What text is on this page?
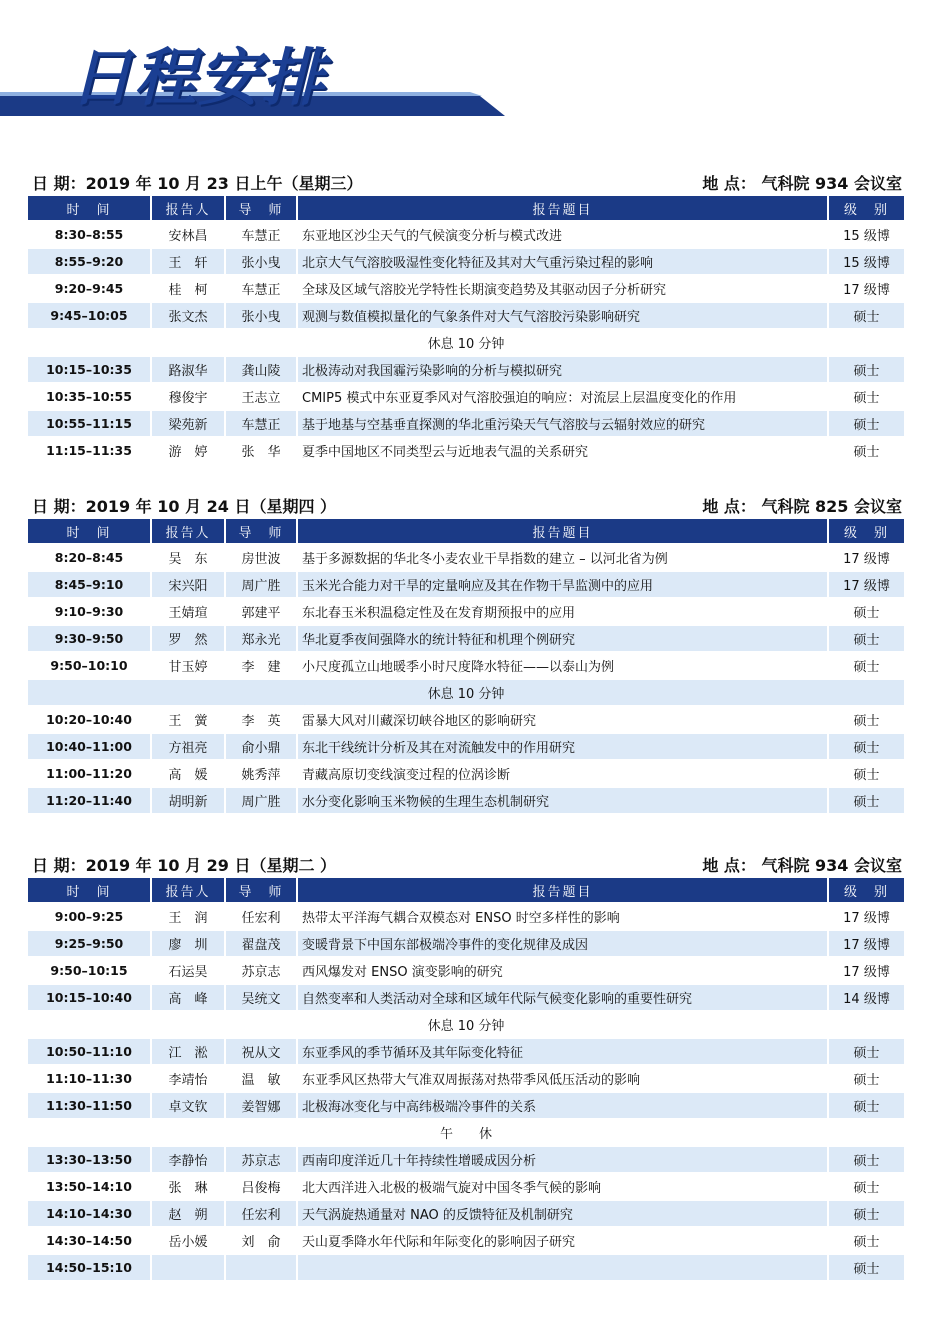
日程安排
日 期：2019 年 10 月 23 日上午（星期三）	地 点： 气科院 934 会议室
时　间	报告人	导　师	报告题目	级　别
8:30–8:55	安林昌	车慧正	东亚地区沙尘天气的气候演变分析与模式改进	15 级博
8:55–9:20	王　轩	张小曳	北京大气气溶胶吸湿性变化特征及其对大气重污染过程的影响	15 级博
9:20–9:45	桂　柯	车慧正	全球及区域气溶胶光学特性长期演变趋势及其驱动因子分析研究	17 级博
9:45–10:05	张文杰	张小曳	观测与数值模拟量化的气象条件对大气气溶胶污染影响研究	硕士
休息 10 分钟				
10:15–10:35	路淑华	龚山陵	北极涛动对我国霾污染影响的分析与模拟研究	硕士
10:35–10:55	穆俊宇	王志立	CMIP5 模式中东亚夏季风对气溶胶强迫的响应：对流层上层温度变化的作用	硕士
10:55–11:15	梁苑新	车慧正	基于地基与空基垂直探测的华北重污染天气气溶胶与云辐射效应的研究	硕士
11:15–11:35	游　婷	张　华	夏季中国地区不同类型云与近地表气温的关系研究	硕士
日 期：2019 年 10 月 24 日（星期四 ）	地 点： 气科院 825 会议室
时　间	报告人	导　师	报告题目	级　别
8:20–8:45	吴　东	房世波	基于多源数据的华北冬小麦农业干旱指数的建立 – 以河北省为例	17 级博
8:45–9:10	宋兴阳	周广胜	玉米光合能力对干旱的定量响应及其在作物干旱监测中的应用	17 级博
9:10–9:30	王婧瑄	郭建平	东北春玉米积温稳定性及在发育期预报中的应用	硕士
9:30–9:50	罗　然	郑永光	华北夏季夜间强降水的统计特征和机理个例研究	硕士
9:50–10:10	甘玉婷	李　建	小尺度孤立山地暖季小时尺度降水特征——以泰山为例	硕士
休息 10 分钟				
10:20–10:40	王　黉	李　英	雷暴大风对川藏深切峡谷地区的影响研究	硕士
10:40–11:00	方祖亮	俞小鼎	东北干线统计分析及其在对流触发中的作用研究	硕士
11:00–11:20	高　媛	姚秀萍	青藏高原切变线演变过程的位涡诊断	硕士
11:20–11:40	胡明新	周广胜	水分变化影响玉米物候的生理生态机制研究	硕士
日 期：2019 年 10 月 29 日（星期二 ）	地 点： 气科院 934 会议室
时　间	报告人	导　师	报告题目	级　别
9:00–9:25	王　润	任宏利	热带太平洋海气耦合双模态对 ENSO 时空多样性的影响	17 级博
9:25–9:50	廖　圳	翟盘茂	变暖背景下中国东部极端冷事件的变化规律及成因	17 级博
9:50–10:15	石运昊	苏京志	西风爆发对 ENSO 演变影响的研究	17 级博
10:15–10:40	高　峰	吴统文	自然变率和人类活动对全球和区域年代际气候变化影响的重要性研究	14 级博
休息 10 分钟				
10:50–11:10	江　淞	祝从文	东亚季风的季节循环及其年际变化特征	硕士
11:10–11:30	李靖怡	温　敏	东亚季风区热带大气准双周振荡对热带季风低压活动的影响	硕士
11:30–11:50	卓文钦	姜智娜	北极海冰变化与中高纬极端冷事件的关系	硕士
午　　休				
13:30–13:50	李静怡	苏京志	西南印度洋近几十年持续性增暖成因分析	硕士
13:50–14:10	张　琳	吕俊梅	北大西洋进入北极的极端气旋对中国冬季气候的影响	硕士
14:10–14:30	赵　朔	任宏利	天气涡旋热通量对 NAO 的反馈特征及机制研究	硕士
14:30–14:50	岳小媛	刘　俞	天山夏季降水年代际和年际变化的影响因子研究	硕士
14:50–15:10				硕士
